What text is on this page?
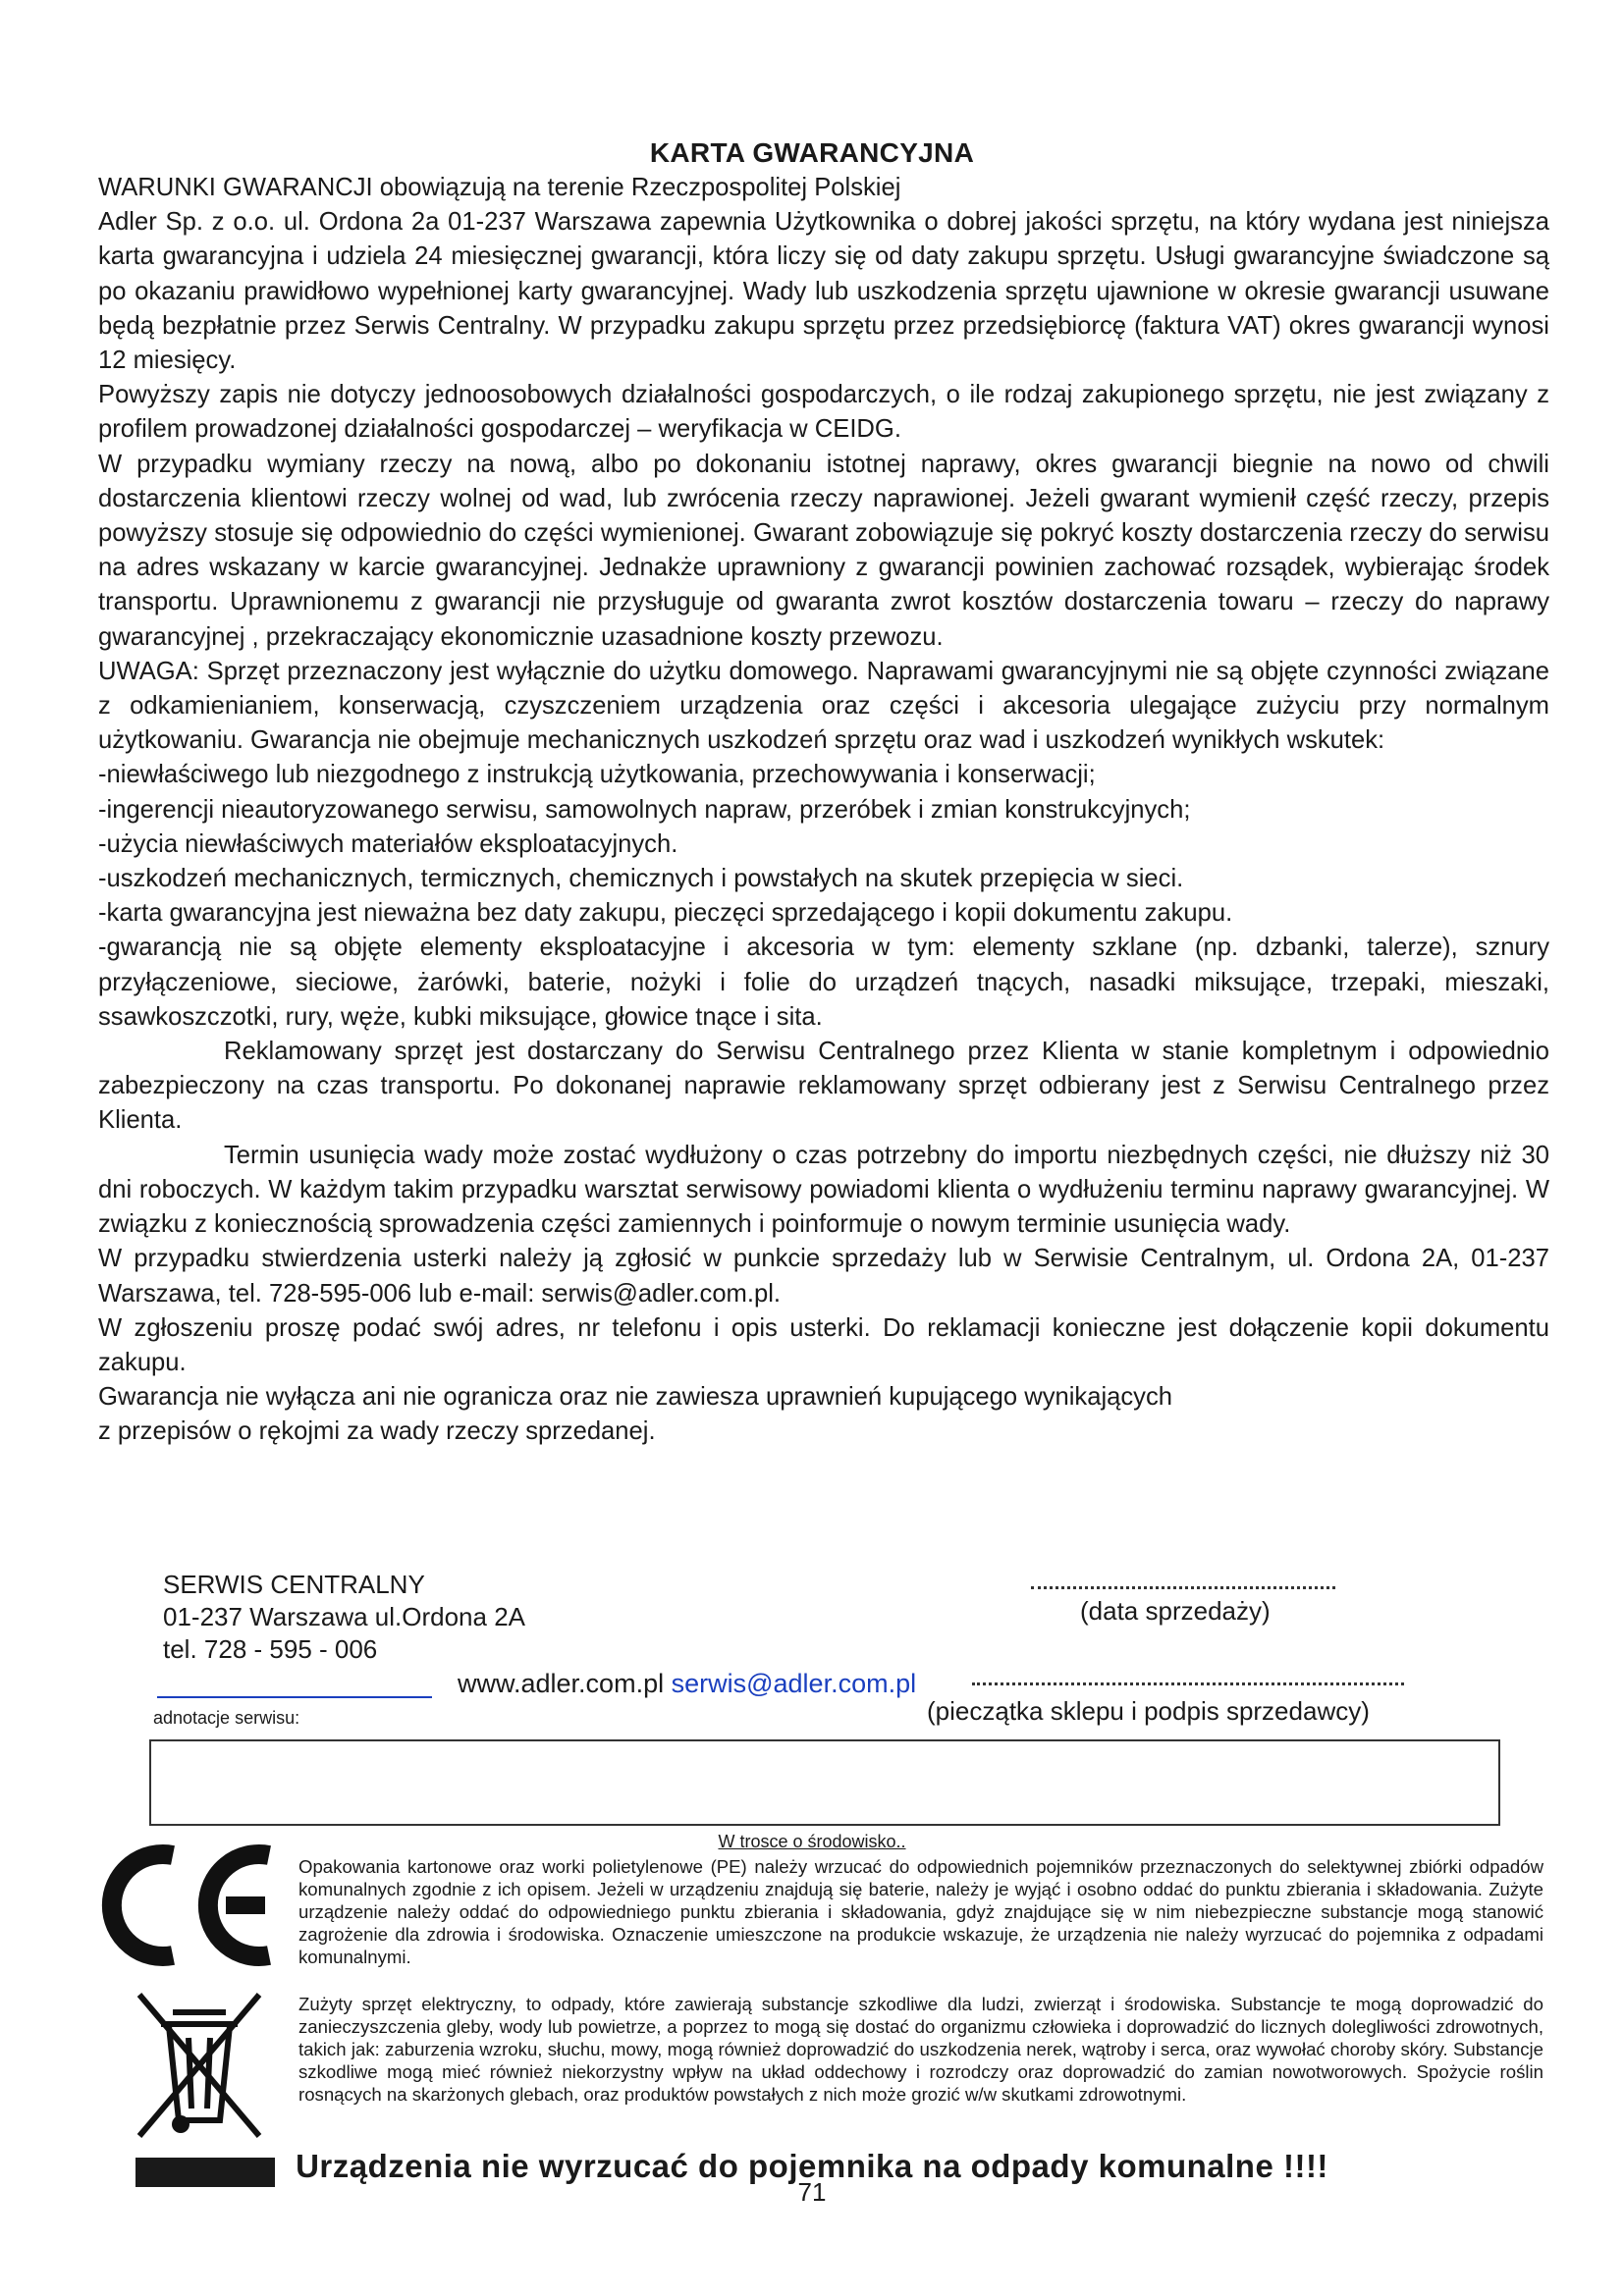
KARTA GWARANCYJNA

WARUNKI GWARANCJI obowiązują na terenie Rzeczpospolitej Polskiej

Adler Sp. z o.o. ul. Ordona 2a 01-237 Warszawa zapewnia Użytkownika o dobrej jakości sprzętu, na który wydana jest niniejsza karta gwarancyjna i udziela 24 miesięcznej gwarancji, która liczy się od daty zakupu sprzętu. Usługi gwarancyjne świadczone są po okazaniu prawidłowo wypełnionej karty gwarancyjnej. Wady lub uszkodzenia sprzętu ujawnione w okresie gwarancji usuwane będą bezpłatnie przez Serwis Centralny. W przypadku zakupu sprzętu przez przedsiębiorcę (faktura VAT) okres gwarancji wynosi 12 miesięcy.

Powyższy zapis nie dotyczy jednoosobowych działalności gospodarczych, o ile rodzaj zakupionego sprzętu, nie jest związany z profilem prowadzonej działalności gospodarczej – weryfikacja w CEIDG.

W przypadku wymiany rzeczy na nową, albo po dokonaniu istotnej naprawy, okres gwarancji biegnie na nowo od chwili dostarczenia klientowi rzeczy wolnej od wad, lub zwrócenia rzeczy naprawionej. Jeżeli gwarant wymienił część rzeczy, przepis powyższy stosuje się odpowiednio do części wymienionej. Gwarant zobowiązuje się pokryć koszty dostarczenia rzeczy do serwisu na adres wskazany w karcie gwarancyjnej. Jednakże uprawniony z gwarancji powinien zachować rozsądek, wybierając środek transportu. Uprawnionemu z gwarancji nie przysługuje od gwaranta zwrot kosztów dostarczenia towaru – rzeczy do naprawy gwarancyjnej , przekraczający ekonomicznie uzasadnione koszty przewozu.

UWAGA: Sprzęt przeznaczony jest wyłącznie do użytku domowego. Naprawami gwarancyjnymi nie są objęte czynności związane z odkamienianiem, konserwacją, czyszczeniem urządzenia oraz części i akcesoria ulegające zużyciu przy normalnym użytkowaniu. Gwarancja nie obejmuje mechanicznych uszkodzeń sprzętu oraz wad i uszkodzeń wynikłych wskutek:

-niewłaściwego lub niezgodnego z instrukcją użytkowania, przechowywania i konserwacji;

-ingerencji nieautoryzowanego serwisu, samowolnych napraw, przeróbek i zmian konstrukcyjnych;

-użycia niewłaściwych materiałów eksploatacyjnych.

-uszkodzeń mechanicznych, termicznych, chemicznych i powstałych na skutek przepięcia w sieci.

-karta gwarancyjna jest nieważna bez daty zakupu, pieczęci sprzedającego i kopii dokumentu zakupu.

-gwarancją nie są objęte elementy eksploatacyjne i akcesoria w tym: elementy szklane (np. dzbanki, talerze), sznury przyłączeniowe, sieciowe, żarówki, baterie, nożyki i folie do urządzeń tnących, nasadki miksujące, trzepaki, mieszaki, ssawkoszczotki, rury, węże, kubki miksujące, głowice tnące i sita.

Reklamowany sprzęt jest dostarczany do Serwisu Centralnego przez Klienta w stanie kompletnym i odpowiednio zabezpieczony na czas transportu. Po dokonanej naprawie reklamowany sprzęt odbierany jest z Serwisu Centralnego przez Klienta.

Termin usunięcia wady może zostać wydłużony o czas potrzebny do importu niezbędnych części, nie dłuższy niż 30 dni roboczych. W każdym takim przypadku warsztat serwisowy powiadomi klienta o wydłużeniu terminu naprawy gwarancyjnej. W związku z koniecznością sprowadzenia części zamiennych i poinformuje o nowym terminie usunięcia wady.

W przypadku stwierdzenia usterki należy ją zgłosić w punkcie sprzedaży lub w Serwisie Centralnym, ul. Ordona 2A, 01-237 Warszawa, tel. 728-595-006 lub e-mail: serwis@adler.com.pl.

W zgłoszeniu proszę podać swój adres, nr telefonu i opis usterki. Do reklamacji konieczne jest dołączenie kopii dokumentu zakupu.

Gwarancja nie wyłącza ani nie ogranicza oraz nie zawiesza uprawnień kupującego wynikających

z przepisów o rękojmi za wady rzeczy sprzedanej.

SERWIS CENTRALNY
01-237 Warszawa ul.Ordona 2A
tel. 728 - 595 - 006
(data sprzedaży)
www.adler.com.pl serwis@adler.com.pl
(pieczątka sklepu i podpis sprzedawcy)
adnotacje serwisu:
W trosce o środowisko..

Opakowania kartonowe oraz worki polietylenowe (PE) należy wrzucać do odpowiednich pojemników przeznaczonych do selektywnej zbiórki odpadów komunalnych zgodnie z ich opisem. Jeżeli w urządzeniu znajdują się baterie, należy je wyjąć i osobno oddać do punktu zbierania i składowania. Zużyte urządzenie należy oddać do odpowiedniego punktu zbierania i składowania, gdyż znajdujące się w nim niebezpieczne substancje mogą stanowić zagrożenie dla zdrowia i środowiska. Oznaczenie umieszczone na produkcie wskazuje, że urządzenia nie należy wyrzucać do pojemnika z odpadami komunalnymi.

Zużyty sprzęt elektryczny, to odpady, które zawierają substancje szkodliwe dla ludzi, zwierząt i środowiska. Substancje te mogą doprowadzić do zanieczyszczenia gleby, wody lub powietrze, a poprzez to mogą się dostać do organizmu człowieka i doprowadzić do licznych dolegliwości zdrowotnych, takich jak: zaburzenia wzroku, słuchu, mowy, mogą również doprowadzić do uszkodzenia nerek, wątroby i serca, oraz wywołać choroby skóry. Substancje szkodliwe mogą mieć również niekorzystny wpływ na układ oddechowy i rozrodczy oraz doprowadzić do zamian nowotworowych. Spożycie roślin rosnących na skarżonych glebach, oraz produktów powstałych z nich może grozić w/w skutkami zdrowotnymi.

Urządzenia nie wyrzucać do pojemnika na odpady komunalne !!!!
71
